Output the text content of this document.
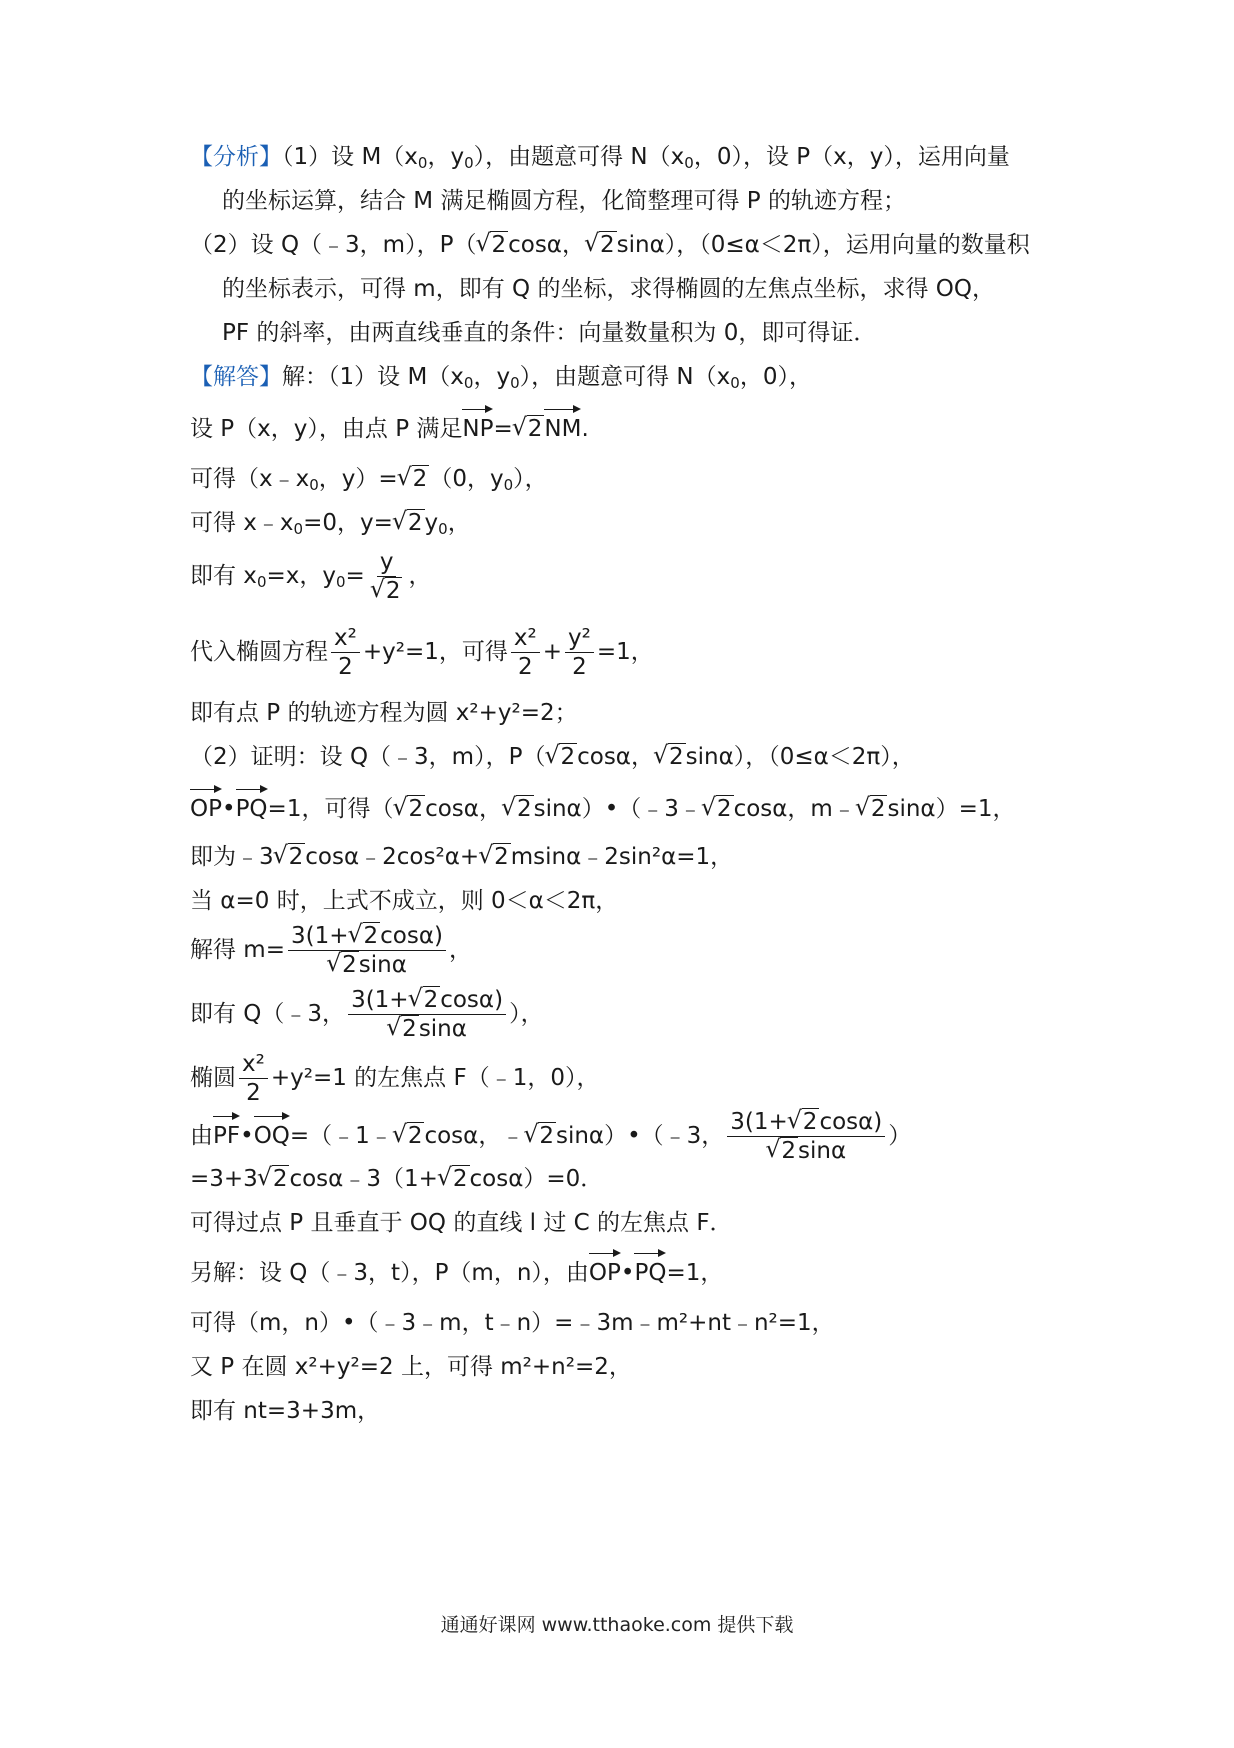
【分析】（1）设 $M(x_0$，$y_0$），由题意可得 $N(x_0$，0），设 P（x，y），运用向量
的坐标运算，结合 M 满足椭圆方程，化简整理可得 P 的轨迹方程；
（2）设 Q（﹣3，m），P（ √ 2cosα， √ 2sinα），（0≤α＜2π），运用向量的数量积
的坐标表示，可得 m，即有 Q 的坐标，求得椭圆的左焦点坐标，求得 OQ，
PF 的斜率，由两直线垂直的条件：向量数量积为 0，即可得证．
【解答】解：（1）设 $M(x_0$，$y_0$），由题意可得 $N(x_0$，0），
设 P（x，y），由点 P 满足NP= √ 2NM.
可得（$x﹣x_0$，y）= √ 2（0，$y_0$），
可得 $x﹣x_0=0$，y= √ $2y_0$，
即有 $x_0=x$，$y_0= y$
√ 2 ，
代入椭圆方程 $\frac{\text{x²}}{2} +y^2=1$，可得 $\frac{\text{x²}}{2} + \frac{\text{y²}}{2} =1$，
即有点 P 的轨迹方程为圆 x²+y²=2；
（2）证明：设 Q（﹣3，m），P（ √ 2cosα， √ 2sinα），（0≤α＜2π），
OP•PQ=1，可得（ √ 2cosα， √ 2sinα）•（﹣3﹣ √ 2cosα，m﹣ √ 2sinα）=1，
即为﹣3 √ 2cosα﹣2cos²α+ √ 2msinα﹣2sin²α=1，
当 α=0 时，上式不成立，则 0＜α＜2π，
解得 m= 3(1+ √ 2cosα)
√ 2sinα ，
即有 Q（﹣3， 3(1+ √ 2cosα)
√ 2sinα ），
椭圆 $\frac{\text{x²}}{2} +y^2=1$ 的左焦点 F（﹣1，0），
由PF•OQ=（﹣1﹣ √ 2cosα，﹣ √ 2sinα）•（﹣3， 3(1+ √ 2cosα)
√ 2sinα ）
=3+3 √ 2cosα﹣3（1+ √ 2cosα）=0．
可得过点 P 且垂直于 OQ 的直线 l 过 C 的左焦点 F．
另解：设 Q（﹣3，t），P（m，n），由OP•PQ=1，
可得（m，n）•（﹣3﹣m，t﹣n）=﹣3m﹣m²+nt﹣n²=1，
又 P 在圆 x²+y²=2 上，可得 m²+n²=2，
即有 nt=3+3m，
通通好课网 www.tthaoke.com 提供下载
